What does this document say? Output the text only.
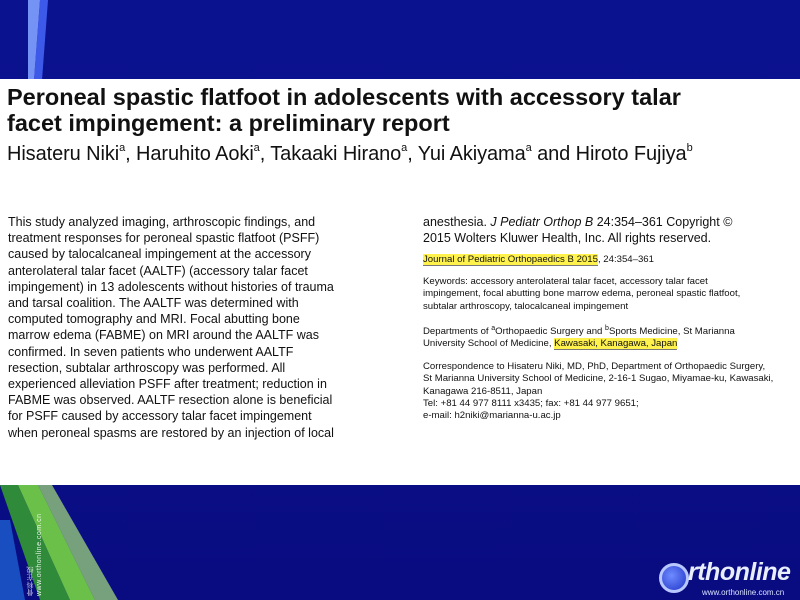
Peroneal spastic flatfoot in adolescents with accessory talar
facet impingement: a preliminary report
Hisateru Niki$^a$, Haruhito Aoki$^a$, Takaaki Hirano$^a$, Yui Akiyama$^a$ and Hiroto Fujiya$^b$
This study analyzed imaging, arthroscopic findings, and
treatment responses for peroneal spastic flatfoot (PSFF)
caused by talocalcaneal impingement at the accessory
anterolateral talar facet (AALTF) (accessory talar facet
impingement) in 13 adolescents without histories of trauma
and tarsal coalition. The AALTF was determined with
computed tomography and MRI. Focal abutting bone
marrow edema (FABME) on MRI around the AALTF was
confirmed. In seven patients who underwent AALTF
resection, subtalar arthroscopy was performed. All
experienced alleviation PSFF after treatment; reduction in
FABME was observed. AALTF resection alone is beneficial
for PSFF caused by accessory talar facet impingement
when peroneal spasms are restored by an injection of local
anesthesia. J Pediatr Orthop B 24:354–361 Copyright ©
2015 Wolters Kluwer Health, Inc. All rights reserved.
Journal of Pediatric Orthopaedics B 2015, 24:354–361
Keywords: accessory anterolateral talar facet, accessory talar facet
impingement, focal abutting bone marrow edema, peroneal spastic flatfoot,
subtalar arthroscopy, talocalcaneal impingement
Departments of $^a$Orthopaedic Surgery and $^b$Sports Medicine, St Marianna
University School of Medicine, Kawasaki, Kanagawa, Japan
Correspondence to Hisateru Niki, MD, PhD, Department of Orthopaedic Surgery,
St Marianna University School of Medicine, 2-16-1 Sugao, Miyamae-ku, Kawasaki,
Kanagawa 216-8511, Japan
Tel: +81 44 977 8111 x3435; fax: +81 44 977 9651;
e-mail: h2niki@marianna-u.ac.jp
骨科在线 www.orthonline.com.cn	rthonline
www.orthonline.com.cn
